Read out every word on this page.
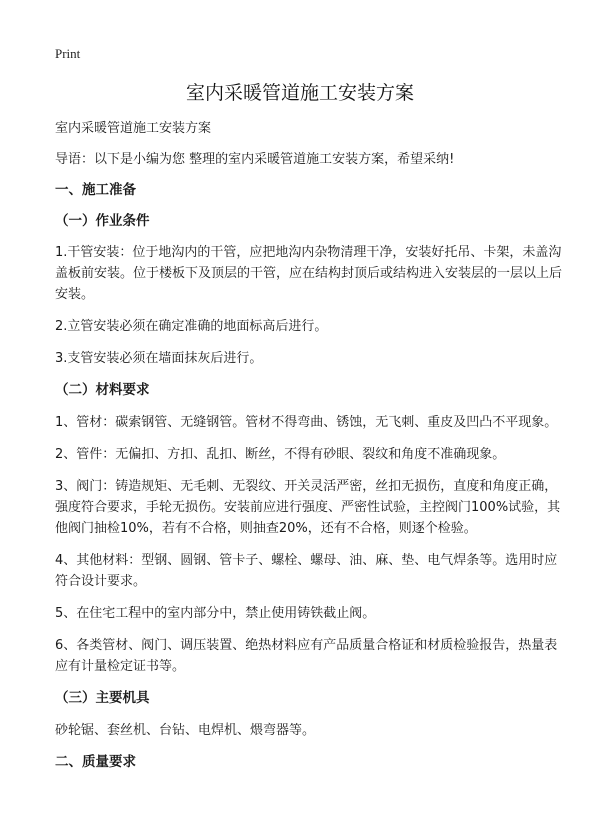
Print
室内采暖管道施工安装方案

室内采暖管道施工安装方案

导语：以下是小编为您 整理的室内采暖管道施工安装方案，希望采纳!

一、施工准备

（一）作业条件

1.干管安装：位于地沟内的干管，应把地沟内杂物清理干净，安装好托吊、卡架，未盖沟盖板前安装。位于楼板下及顶层的干管，应在结构封顶后或结构进入安装层的一层以上后安装。

2.立管安装必须在确定准确的地面标高后进行。

3.支管安装必须在墙面抹灰后进行。

（二）材料要求

1、管材：碳索钢管、无缝钢管。管材不得弯曲、锈蚀，无飞刺、重皮及凹凸不平现象。

2、管件：无偏扣、方扣、乱扣、断丝，不得有砂眼、裂纹和角度不准确现象。

3、阀门：铸造规矩、无毛刺、无裂纹、开关灵活严密，丝扣无损伤，直度和角度正确，强度符合要求，手轮无损伤。安装前应进行强度、严密性试验，主控阀门100%试验，其他阀门抽检10%，若有不合格，则抽查20%，还有不合格，则逐个检验。

4、其他材料：型钢、圆钢、管卡子、螺栓、螺母、油、麻、垫、电气焊条等。选用时应符合设计要求。

5、在住宅工程中的室内部分中，禁止使用铸铁截止阀。

6、各类管材、阀门、调压装置、绝热材料应有产品质量合格证和材质检验报告，热量表应有计量检定证书等。

（三）主要机具

砂轮锯、套丝机、台钻、电焊机、煨弯器等。

二、质量要求
